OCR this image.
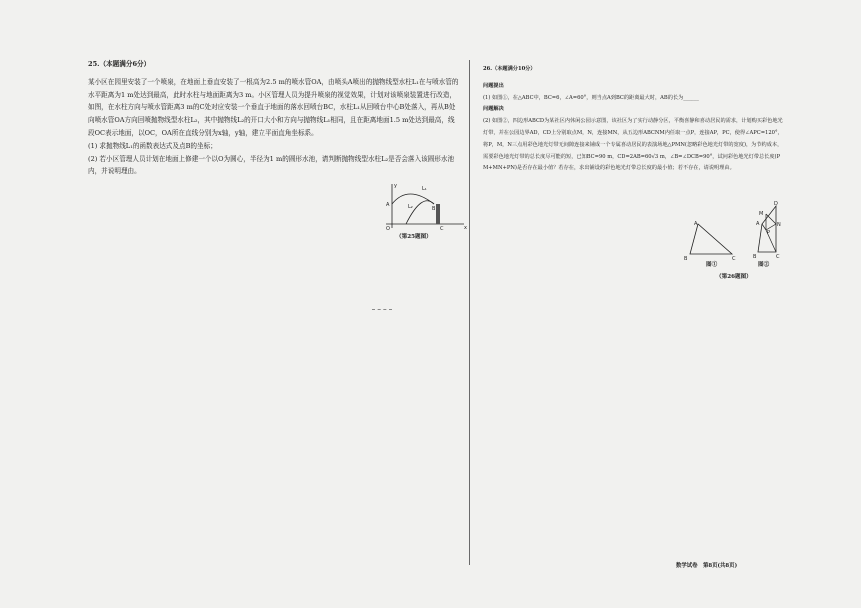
25.（本题满分6分）
某小区在园里安装了一个喷泉，在地面上垂直安装了一根高为2.5 m的喷水管OA，由喷头A喷出的抛物线型水柱L₁在与喷水管的水平距离为1 m处达到最高，此时水柱与地面距离为3 m。小区管理人员为提升喷泉的视觉效果，计划对该喷泉装置进行改造，如图，在水柱方向与喷水管距离3 m的C处对应安装一个垂直于地面的落水回喷台BC，水柱L₁从回喷台中心B处落入，再从B处向喷水管OA方向回喷抛物线型水柱L₂，其中抛物线L₂的开口大小和方向与抛物线L₁相同，且在距离地面1.5 m处达到最高，线段OC表示地面，以OC，OA所在直线分别为x轴，y轴，建立平面直角坐标系。
(1) 求抛物线L₁的函数表达式及点B的坐标；
(2) 若小区管理人员计划在地面上修建一个以O为圆心，半径为1 m的圆形水池，请判断抛物线型水柱L₂是否会落入该圆形水池内，并说明理由。
y
x
O
A
B
C
L₁
L₂
（第25题图）
26.（本题满分10分）
问题提出
(1) 如图①，在△ABC中，BC=6，∠A=60°，则当点A到BC的距离最大时，AB的长为______
问题解决
(2) 如图②，四边形ABCD为某社区内休闲公园示意图，该社区为了实行动静分区，平衡喜静和喜动居民的需求，计划购买彩色地光灯带，并在公园边界AD，CD上分别取点M，N，连接MN，从五边形ABCNM内任取一点P，连接AP，PC，使得∠APC=120°，将P，M，N三点用彩色地光灯带无间隙连接来铺成一个专属喜动居民的表演场地△PMN(忽略彩色地光灯带的宽度)，为节约成本，需要彩色地光灯带的总长度尽可能的短，已知BC=90 m，CD=2AB=60√3 m，∠B=∠DCB=90°，试问彩色地光灯带总长度(PM+MN+PN)是否存在最小值？若存在，求出铺设的彩色地光灯带总长度的最小值；若不存在，请说明理由。
A
B	C
图①
D
M
A	N
P
B	C
图②
（第26题图）
数学试卷　第8页(共8页)
